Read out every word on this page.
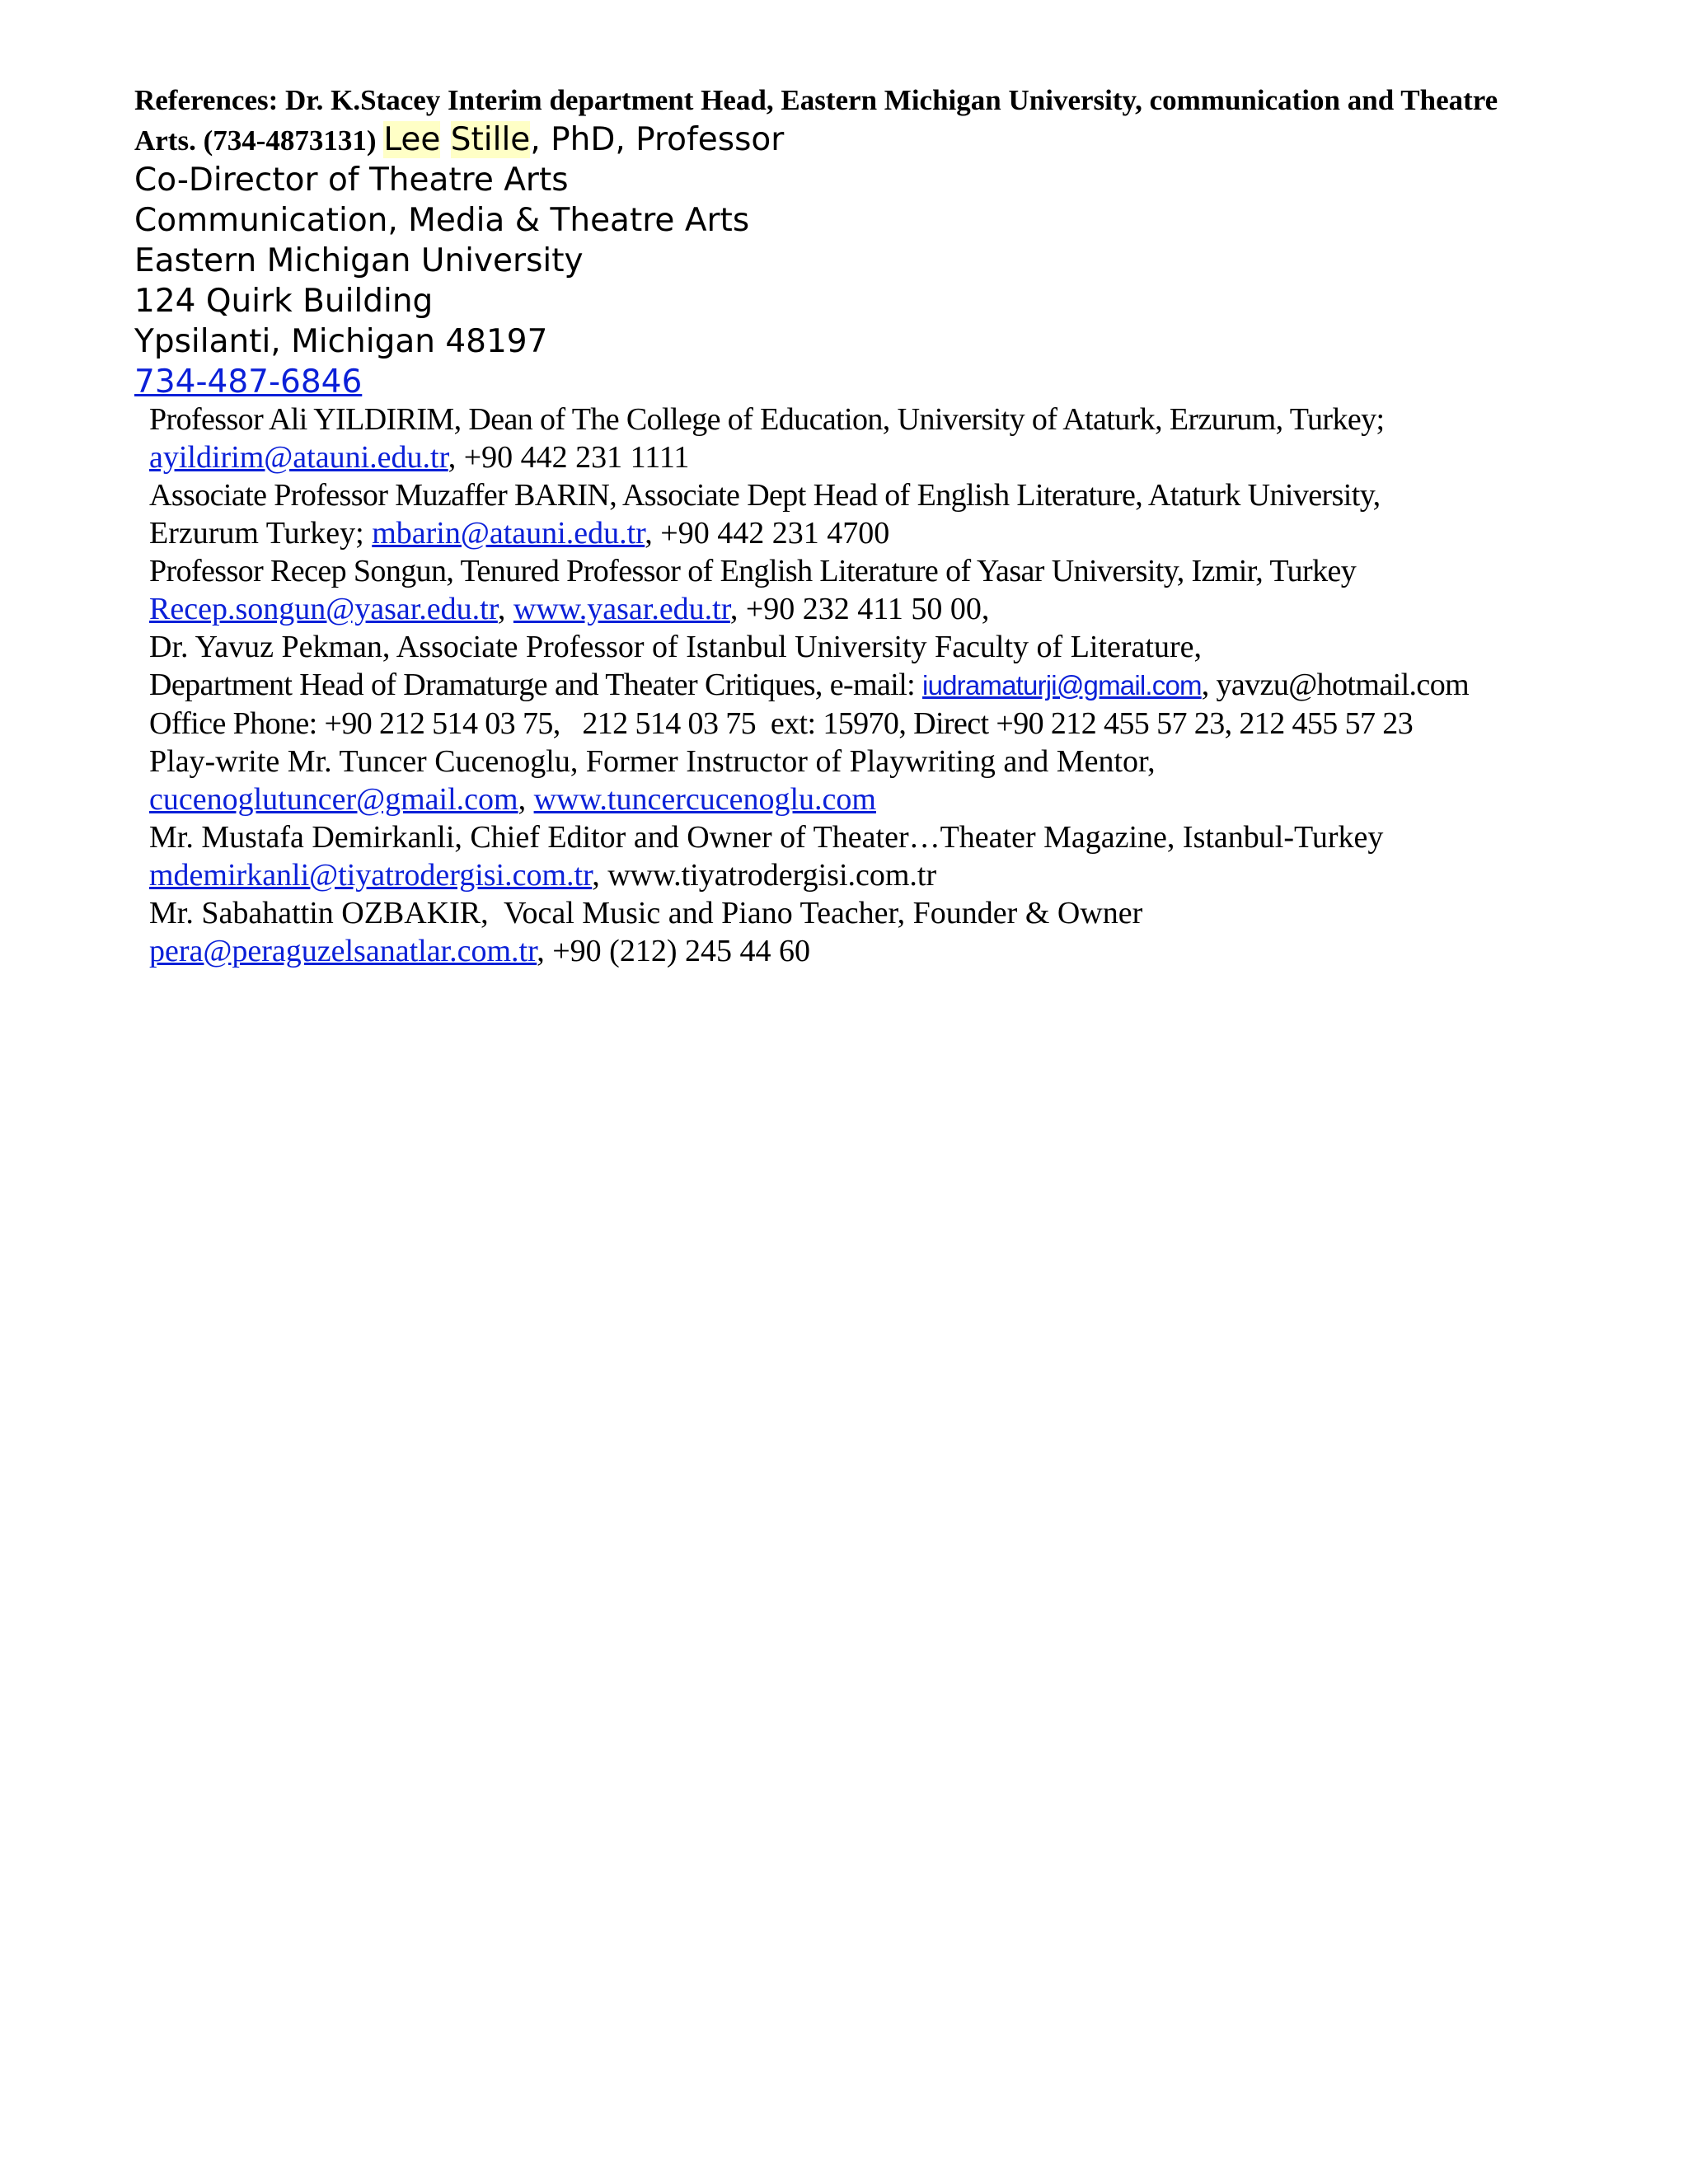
References: Dr. K.Stacey Interim department Head, Eastern Michigan University, communication and Theatre Arts. (734-4873131) Lee Stille, PhD, Professor
Co-Director of Theatre Arts
Communication, Media & Theatre Arts
Eastern Michigan University
124 Quirk Building
Ypsilanti, Michigan 48197
734-487-6846
Professor Ali YILDIRIM, Dean of The College of Education, University of Ataturk, Erzurum, Turkey;
ayildirim@atauni.edu.tr, +90 442 231 1111
Associate Professor Muzaffer BARIN, Associate Dept Head of English Literature, Ataturk University,
Erzurum Turkey; mbarin@atauni.edu.tr, +90 442 231 4700
Professor Recep Songun, Tenured Professor of English Literature of Yasar University, Izmir, Turkey
Recep.songun@yasar.edu.tr, www.yasar.edu.tr, +90 232 411 50 00,
Dr. Yavuz Pekman, Associate Professor of Istanbul University Faculty of Literature,
Department Head of Dramaturge and Theater Critiques, e-mail: iudramaturji@gmail.com, yavzu@hotmail.com
Office Phone: +90 212 514 03 75,   212 514 03 75  ext: 15970, Direct +90 212 455 57 23, 212 455 57 23
Play-write Mr. Tuncer Cucenoglu, Former Instructor of Playwriting and Mentor,
cucenoglutuncer@gmail.com, www.tuncercucenoglu.com
Mr. Mustafa Demirkanli, Chief Editor and Owner of Theater…Theater Magazine, Istanbul-Turkey
mdemirkanli@tiyatrodergisi.com.tr, www.tiyatrodergisi.com.tr
Mr. Sabahattin OZBAKIR,  Vocal Music and Piano Teacher, Founder & Owner
pera@peraguzelsanatlar.com.tr, +90 (212) 245 44 60
